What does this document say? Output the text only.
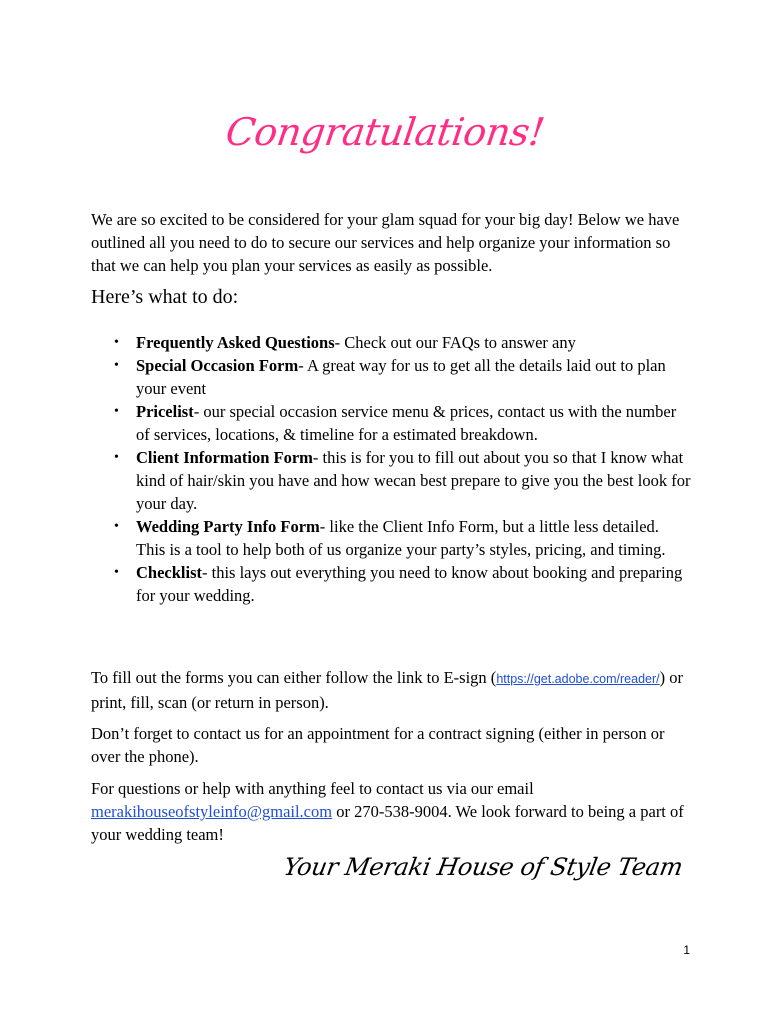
Congratulations!

We are so excited to be considered for your glam squad for your big day! Below we have outlined all you need to do to secure our services and help organize your information so that we can help you plan your services as easily as possible.

Here’s what to do:

• Frequently Asked Questions- Check out our FAQs to answer any
• Special Occasion Form- A great way for us to get all the details laid out to plan your event
• Pricelist- our special occasion service menu & prices, contact us with the number of services, locations, & timeline for a estimated breakdown.
• Client Information Form- this is for you to fill out about you so that I know what kind of hair/skin you have and how wecan best prepare to give you the best look for your day.
• Wedding Party Info Form- like the Client Info Form, but a little less detailed. This is a tool to help both of us organize your party’s styles, pricing, and timing.
• Checklist- this lays out everything you need to know about booking and preparing for your wedding.

To fill out the forms you can either follow the link to E-sign (https://get.adobe.com/reader/) or print, fill, scan (or return in person).

Don’t forget to contact us for an appointment for a contract signing (either in person or over the phone).

For questions or help with anything feel to contact us via our email merakihouseofstyleinfo@gmail.com or 270-538-9004. We look forward to being a part of your wedding team!

Your Meraki House of Style Team
1
